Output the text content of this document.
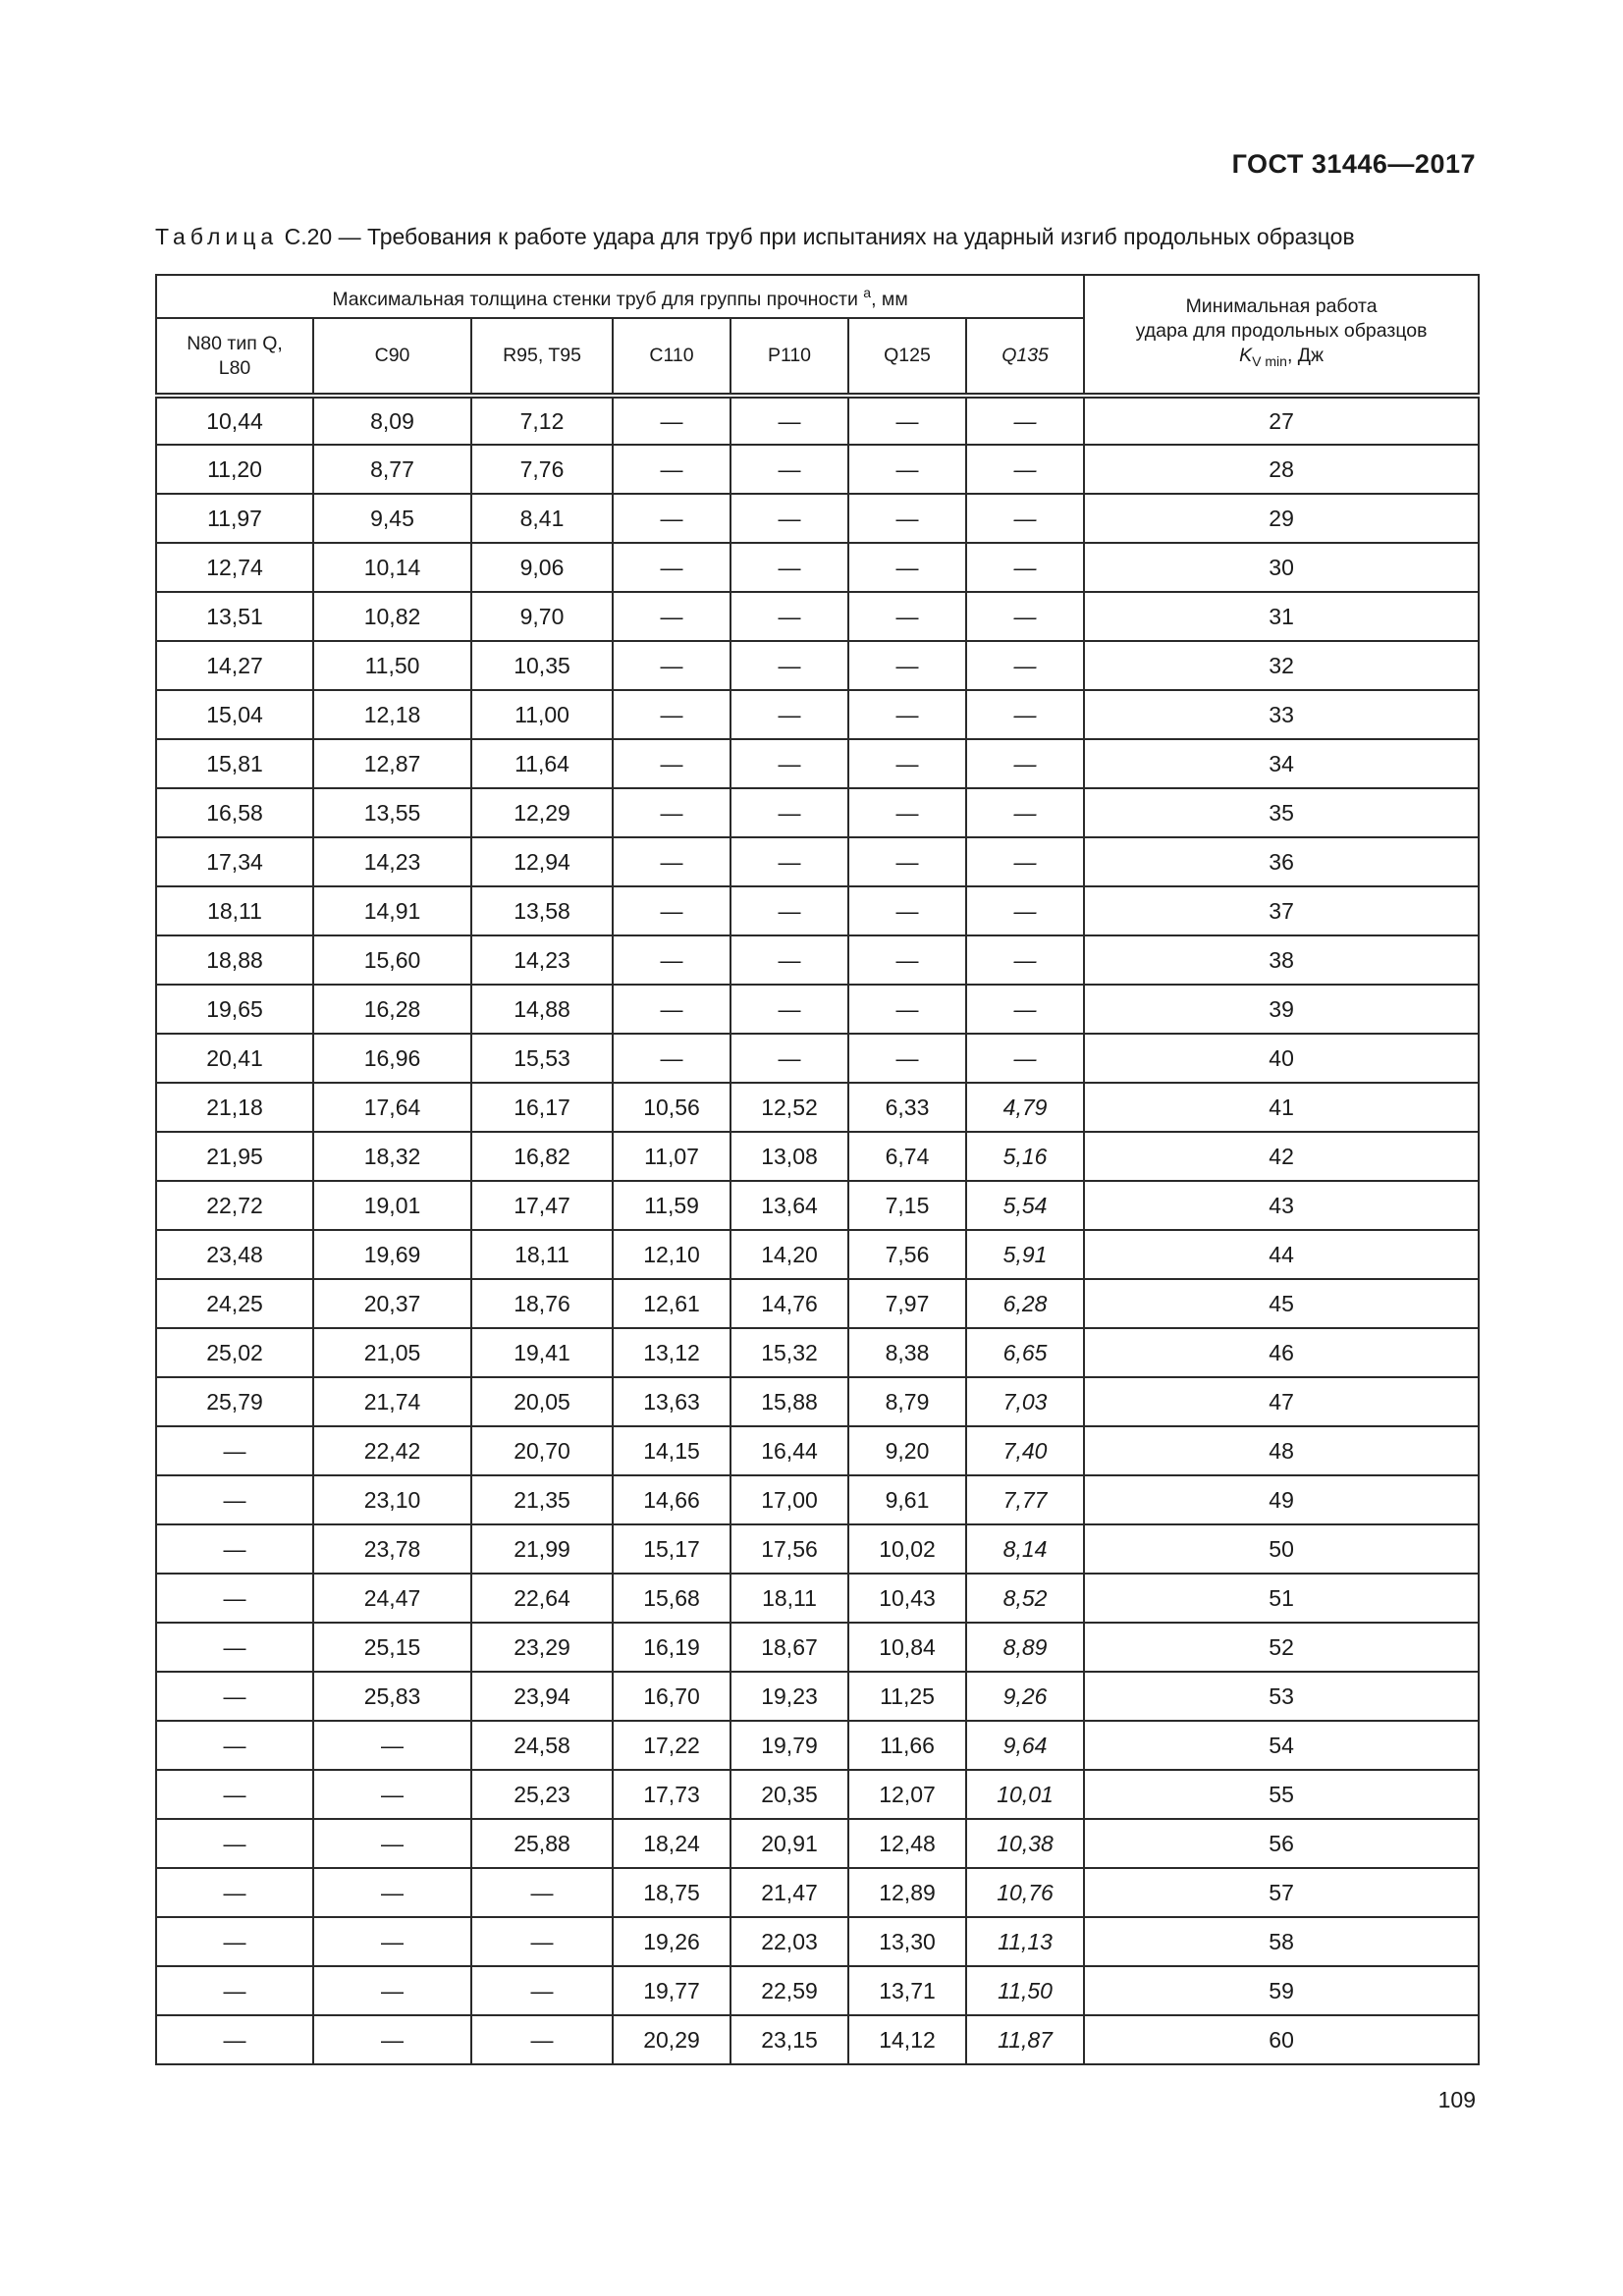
ГОСТ 31446—2017
Таблица С.20 — Требования к работе удара для труб при испытаниях на ударный изгиб продольных образцов
Максимальная толщина стенки труб для группы прочности $^a$, мм							Минимальная работа
удара для продольных образцов
$K_{V min}$, Дж

N80 тип Q, L80	C90	R95, T95	C110	P110	Q125	Q135	
10,44	8,09	7,12	—	—	—	—	27
11,20	8,77	7,76	—	—	—	—	28
11,97	9,45	8,41	—	—	—	—	29
12,74	10,14	9,06	—	—	—	—	30
13,51	10,82	9,70	—	—	—	—	31
14,27	11,50	10,35	—	—	—	—	32
15,04	12,18	11,00	—	—	—	—	33
15,81	12,87	11,64	—	—	—	—	34
16,58	13,55	12,29	—	—	—	—	35
17,34	14,23	12,94	—	—	—	—	36
18,11	14,91	13,58	—	—	—	—	37
18,88	15,60	14,23	—	—	—	—	38
19,65	16,28	14,88	—	—	—	—	39
20,41	16,96	15,53	—	—	—	—	40
21,18	17,64	16,17	10,56	12,52	6,33	4,79	41
21,95	18,32	16,82	11,07	13,08	6,74	5,16	42
22,72	19,01	17,47	11,59	13,64	7,15	5,54	43
23,48	19,69	18,11	12,10	14,20	7,56	5,91	44
24,25	20,37	18,76	12,61	14,76	7,97	6,28	45
25,02	21,05	19,41	13,12	15,32	8,38	6,65	46
25,79	21,74	20,05	13,63	15,88	8,79	7,03	47
—	22,42	20,70	14,15	16,44	9,20	7,40	48
—	23,10	21,35	14,66	17,00	9,61	7,77	49
—	23,78	21,99	15,17	17,56	10,02	8,14	50
—	24,47	22,64	15,68	18,11	10,43	8,52	51
—	25,15	23,29	16,19	18,67	10,84	8,89	52
—	25,83	23,94	16,70	19,23	11,25	9,26	53
—	—	24,58	17,22	19,79	11,66	9,64	54
—	—	25,23	17,73	20,35	12,07	10,01	55
—	—	25,88	18,24	20,91	12,48	10,38	56
—	—	—	18,75	21,47	12,89	10,76	57
—	—	—	19,26	22,03	13,30	11,13	58
—	—	—	19,77	22,59	13,71	11,50	59
—	—	—	20,29	23,15	14,12	11,87	60
109
